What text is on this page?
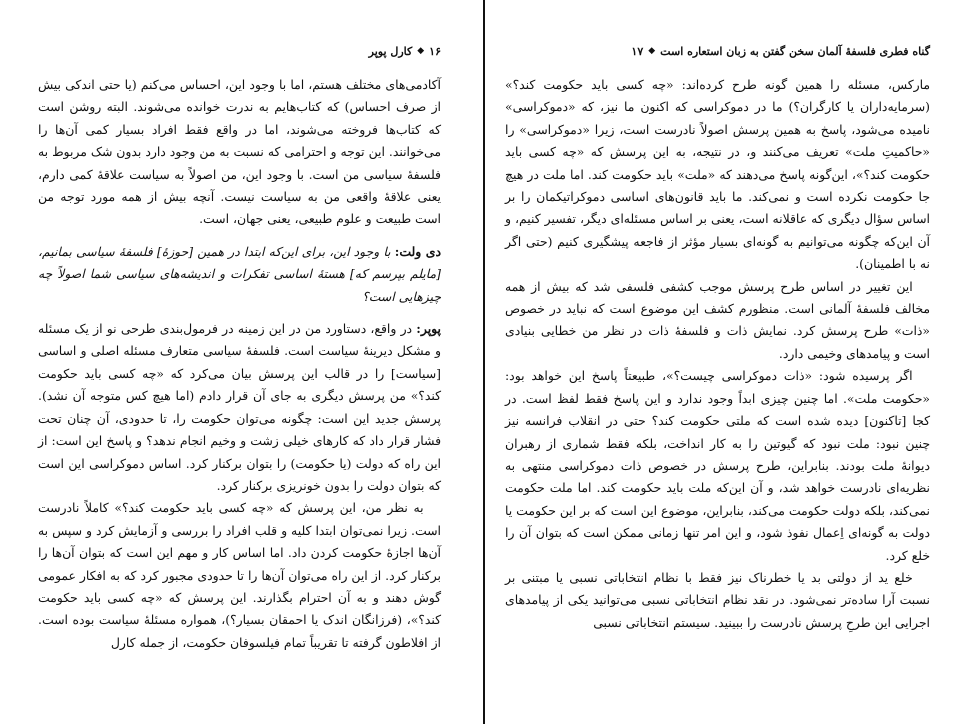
۱۶
◆
کارل پوپر

آکادمی‌های مختلف هستم، اما با وجود این، احساس می‌کنم (یا حتی اندکی بیش از صرف احساس) که کتاب‌هایم به ندرت خوانده می‌شوند. البته روشن است که کتاب‌ها فروخته می‌شوند، اما در واقع فقط افراد بسیار کمی آن‌ها را می‌خوانند. این توجه و احترامی که نسبت به من وجود دارد بدون شک مربوط به فلسفهٔ سیاسی من است. با وجود این، من اصولاً به سیاست علاقهٔ کمی دارم، یعنی علاقهٔ واقعی من به سیاست نیست. آنچه بیش از همه مورد توجه من است طبیعت و علوم طبیعی، یعنی جهان، است.

دی ولت: با وجود این، برای این‌که ابتدا در همین [حوزهٔ] فلسفهٔ سیاسی بمانیم، [مایلم بپرسم که] هستهٔ اساسی تفکرات و اندیشه‌های سیاسی شما اصولاً چه چیزهایی است؟

پوپر: در واقع، دستاورد من در این زمینه در فرمول‌بندی طرحی نو از یک مسئله و مشکل دیرینهٔ سیاست است. فلسفهٔ سیاسی متعارف مسئله اصلی و اساسی [سیاست] را در قالب این پرسش بیان می‌کرد که «چه کسی باید حکومت کند؟» من پرسش دیگری به جای آن قرار دادم (اما هیچ کس متوجه آن نشد). پرسش جدید این است: چگونه می‌توان حکومت را، تا حدودی، آن چنان تحت فشار قرار داد که کارهای خیلی زشت و وخیم انجام ندهد؟ و پاسخ این است: از این راه که دولت (یا حکومت) را بتوان برکنار کرد. اساس دموکراسی این است که بتوان دولت را بدون خونریزی برکنار کرد.

به نظر من، این پرسش که «چه کسی باید حکومت کند؟» کاملاً نادرست است. زیرا نمی‌توان ابتدا کلیه و قلب افراد را بررسی و آزمایش کرد و سپس به آن‌ها اجازهٔ حکومت کردن داد. اما اساس کار و مهم این است که بتوان آن‌ها را برکنار کرد. از این راه می‌توان آن‌ها را تا حدودی مجبور کرد که به افکار عمومی گوش دهند و به آن احترام بگذارند. این پرسش که «چه کسی باید حکومت کند؟»، (فرزانگان اندک یا احمقان بسیار؟)، همواره مسئلهٔ سیاست بوده است. از افلاطون گرفته تا تقریباً تمام فیلسوفان حکومت، از جمله کارل

گناه فطری فلسفهٔ آلمان سخن گفتن به زبان استعاره است
◆
۱۷

مارکس، مسئله را همین گونه طرح کرده‌اند: «چه کسی باید حکومت کند؟» (سرمایه‌داران یا کارگران؟) ما در دموکراسی که اکنون ما نیز، که «دموکراسی» نامیده می‌شود، پاسخ به همین پرسش اصولاً نادرست است، زیرا «دموکراسی» را «حاکمیتِ ملت» تعریف می‌کنند و، در نتیجه، به این پرسش که «چه کسی باید حکومت کند؟»، این‌گونه پاسخ می‌دهند که «ملت» باید حکومت کند. اما ملت در هیچ جا حکومت نکرده است و نمی‌کند. ما باید قانون‌های اساسی دموکراتیکمان را بر اساس سؤال دیگری که عاقلانه است، یعنی بر اساس مسئله‌ای دیگر، تفسیر کنیم، و آن این‌که چگونه می‌توانیم به گونه‌ای بسیار مؤثر از فاجعه پیشگیری کنیم (حتی اگر نه با اطمینان).

این تغییر در اساس طرح پرسش موجب کشفی فلسفی شد که بیش از همه مخالف فلسفهٔ آلمانی است. منظورم کشف این موضوع است که نباید در خصوص «ذات» طرح پرسش کرد. نمایش ذات و فلسفهٔ ذات در نظر من خطایی بنیادی است و پیامدهای وخیمی دارد.

اگر پرسیده شود: «ذات دموکراسی چیست؟»، طبیعتاً پاسخ این خواهد بود: «حکومت ملت». اما چنین چیزی ابداً وجود ندارد و این پاسخ فقط لفظ است. در کجا [تاکنون] دیده شده است که ملتی حکومت کند؟ حتی در انقلاب فرانسه نیز چنین نبود: ملت نبود که گیوتین را به کار انداخت، بلکه فقط شماری از رهبران دیوانهٔ ملت بودند. بنابراین، طرح پرسش در خصوص ذات دموکراسی منتهی به نظریه‌ای نادرست خواهد شد، و آن این‌که ملت باید حکومت کند. اما ملت حکومت نمی‌کند، بلکه دولت حکومت می‌کند، بنابراین، موضوع این است که بر این حکومت یا دولت به گونه‌ای اِعمال نفوذ شود، و این امر تنها زمانی ممکن است که بتوان آن را خلع کرد.

خلع ید از دولتی بد یا خطرناک نیز فقط با نظام انتخاباتی نسبی یا مبتنی بر نسبت آرا ساده‌تر نمی‌شود. در نقد نظام انتخاباتی نسبی می‌توانید یکی از پیامدهای اجرایی این طرحِ پرسش نادرست را ببینید. سیستم انتخاباتی نسبی
